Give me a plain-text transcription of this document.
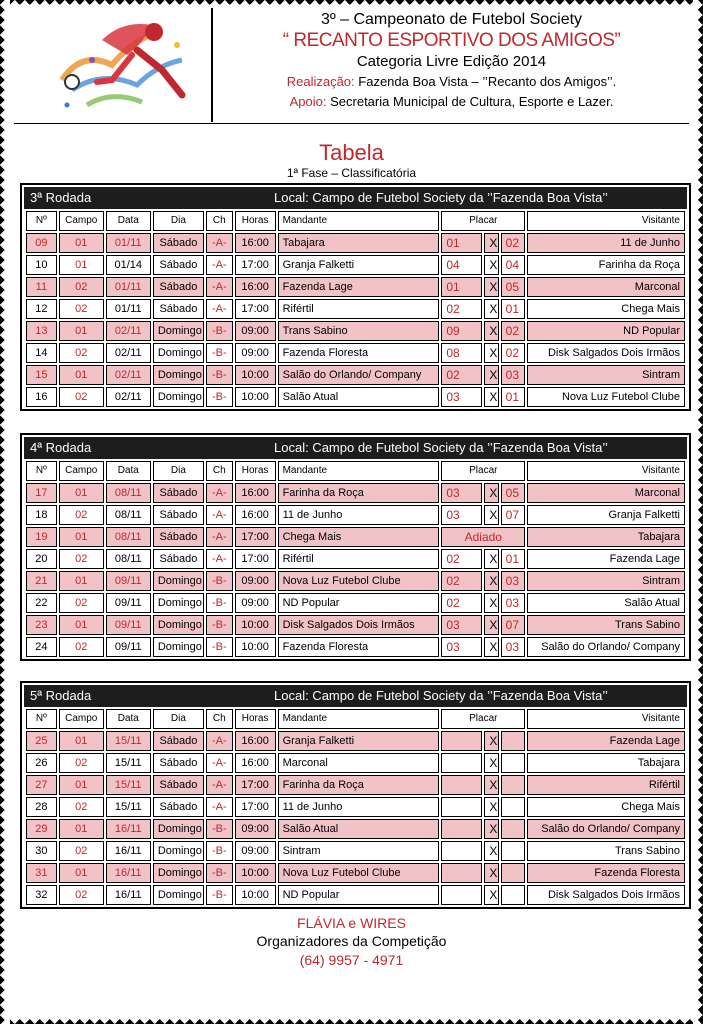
3º – Campeonato de Futebol Society
“ RECANTO ESPORTIVO DOS AMIGOS”
Categoria Livre Edição 2014
Realização: Fazenda Boa Vista – ’’Recanto dos Amigos’’.
Apoio: Secretaria Municipal de Cultura, Esporte e Lazer.
Tabela
1ª Fase – Classificatória
3ª Rodada	Local: Campo de Futebol Society da ’’Fazenda Boa Vista’’
Nº	Campo	Data	Dia	Ch	Horas	Mandante	Placar			Visitante
09	01	01/11	Sábado	-A-	16:00	Tabajara	01	X	02	11 de Junho
10	01	01/14	Sábado	-A-	17:00	Granja Falketti	04	X	04	Farinha da Roça
11	02	01/11	Sábado	-A-	16:00	Fazenda Lage	01	X	05	Marconal
12	02	01/11	Sábado	-A-	17:00	Rifértil	02	X	01	Chega Mais
13	01	02/11	Domingo	-B-	09:00	Trans Sabino	09	X	02	ND Popular
14	02	02/11	Domingo	-B-	09:00	Fazenda Floresta	08	X	02	Disk Salgados Dois Irmãos
15	01	02/11	Domingo	-B-	10:00	Salão do Orlando/ Company	02	X	03	Sintram
16	02	02/11	Domingo	-B-	10:00	Salão Atual	03	X	01	Nova Luz Futebol Clube
4ª Rodada	Local: Campo de Futebol Society da ’’Fazenda Boa Vista’’
Nº	Campo	Data	Dia	Ch	Horas	Mandante	Placar			Visitante
17	01	08/11	Sábado	-A-	16:00	Farinha da Roça	03	X	05	Marconal
18	02	08/11	Sábado	-A-	16:00	11 de Junho	03	X	07	Granja Falketti
19	01	08/11	Sábado	-A-	17:00	Chega Mais	Adiado			Tabajara
20	02	08/11	Sábado	-A-	17:00	Rifértil	02	X	01	Fazenda Lage
21	01	09/11	Domingo	-B-	09:00	Nova Luz Futebol Clube	02	X	03	Sintram
22	02	09/11	Domingo	-B-	09:00	ND Popular	02	X	03	Salão Atual
23	01	09/11	Domingo	-B-	10:00	Disk Salgados Dois Irmãos	03	X	07	Trans Sabino
24	02	09/11	Domingo	-B-	10:00	Fazenda Floresta	03	X	03	Salão do Orlando/ Company
5ª Rodada	Local: Campo de Futebol Society da ’’Fazenda Boa Vista’’
Nº	Campo	Data	Dia	Ch	Horas	Mandante	Placar			Visitante
25	01	15/11	Sábado	-A-	16:00	Granja Falketti		X		Fazenda Lage
26	02	15/11	Sábado	-A-	16:00	Marconal		X		Tabajara
27	01	15/11	Sábado	-A-	17:00	Farinha da Roça		X		Rifértil
28	02	15/11	Sábado	-A-	17:00	11 de Junho		X		Chega Mais
29	01	16/11	Domingo	-B-	09:00	Salão Atual		X		Salão do Orlando/ Company
30	02	16/11	Domingo	-B-	09:00	Sintram		X		Trans Sabino
31	01	16/11	Domingo	-B-	10:00	Nova Luz Futebol Clube		X		Fazenda Floresta
32	02	16/11	Domingo	-B-	10:00	ND Popular		X		Disk Salgados Dois Irmãos
FLÁVIA e WIRES
Organizadores da Competição
(64) 9957 - 4971
